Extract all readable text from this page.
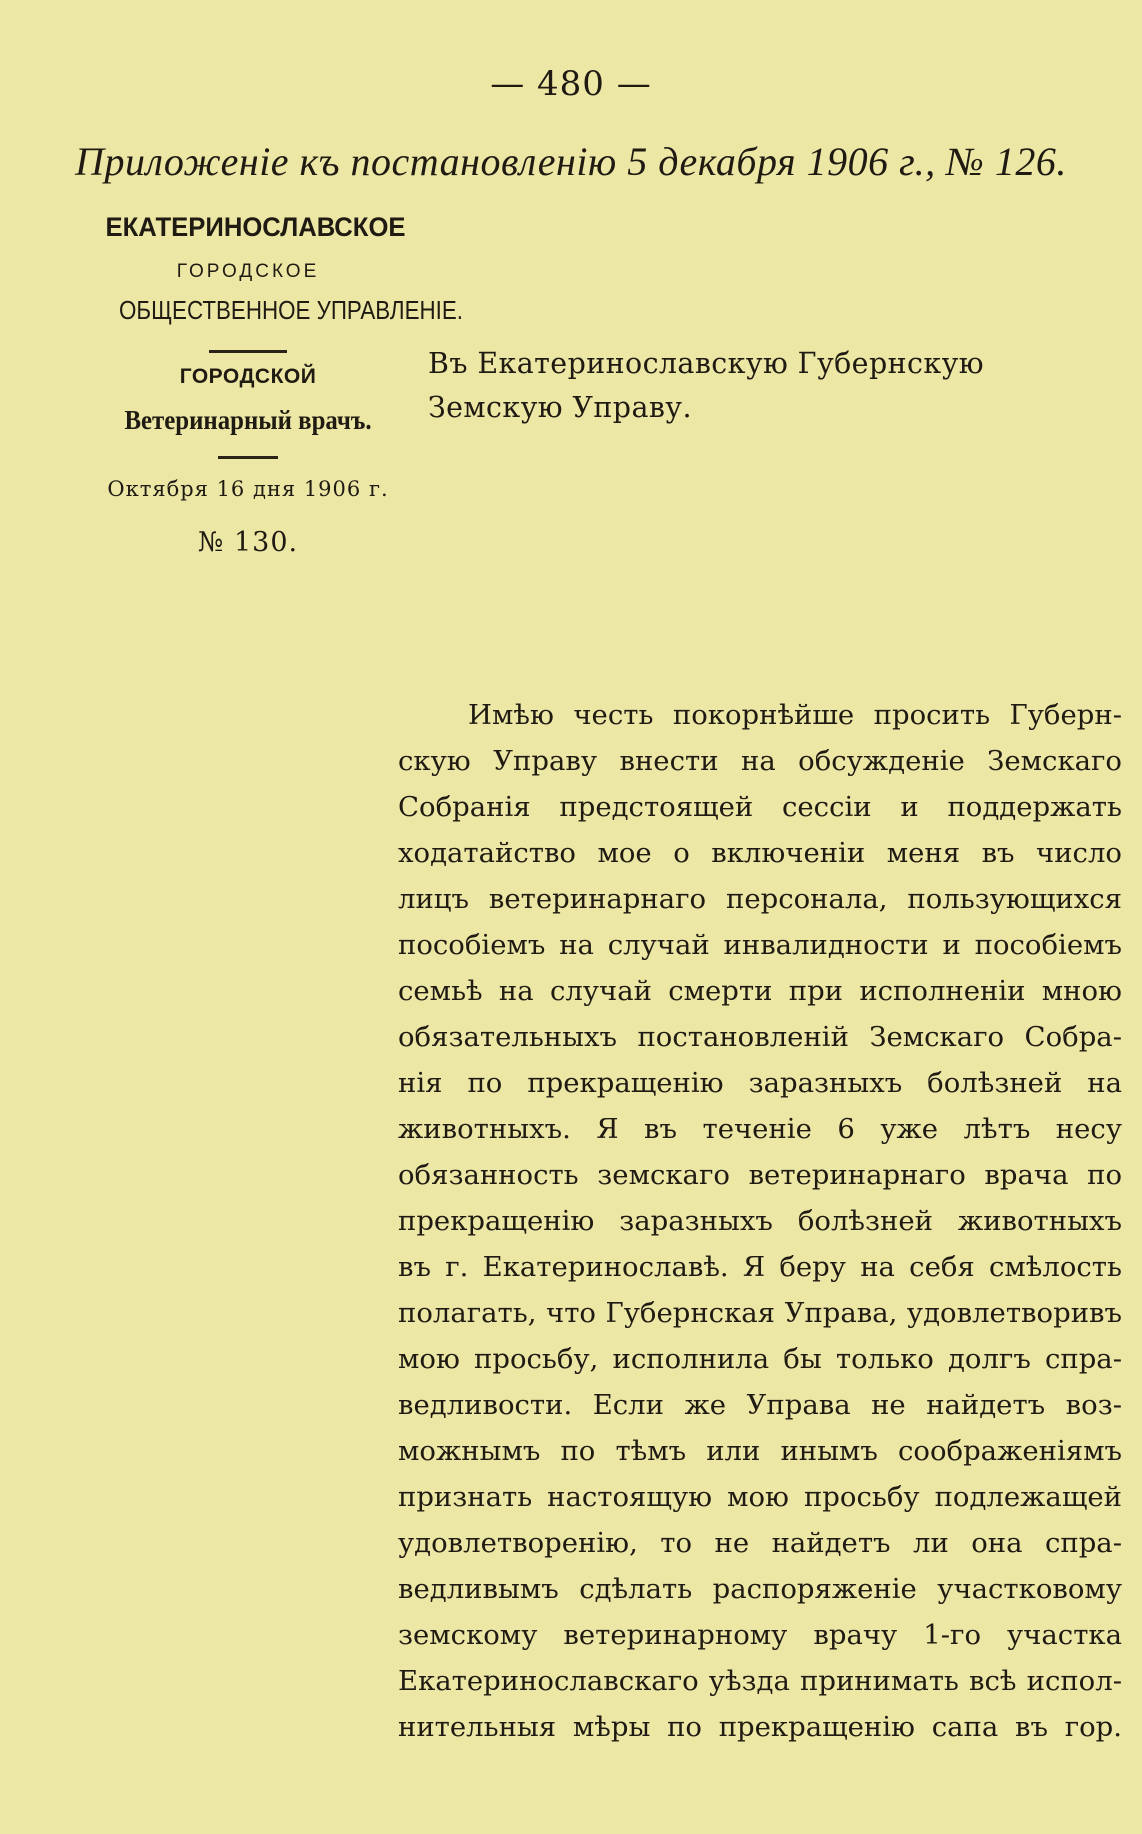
— 480 —
Приложеніе къ постановленію 5 декабря 1906 г., № 126.
ЕКАТЕРИНОСЛАВСКОЕ
ГОРОДСКОЕ
ОБЩЕСТВЕННОЕ УПРАВЛЕНІЕ.
ГОРОДСКОЙ
Ветеринарный врачъ.
Октября 16 дня 1906 г.
№ 130.
Въ Екатеринославскую Губернскую
Земскую Управу.
Имѣю честь покорнѣйше просить Губерн-
скую Управу внести на обсужденіе Земскаго
Собранія предстоящей сессіи и поддержать
ходатайство мое о включеніи меня въ число
лицъ ветеринарнаго персонала, пользующихся
пособіемъ на случай инвалидности и пособіемъ
семьѣ на случай смерти при исполненіи мною
обязательныхъ постановленій Земскаго Собра-
нія по прекращенію заразныхъ болѣзней на
животныхъ. Я въ теченіе 6 уже лѣтъ несу
обязанность земскаго ветеринарнаго врача по
прекращенію заразныхъ болѣзней животныхъ
въ г. Екатеринославѣ. Я беру на себя смѣлость
полагать, что Губернская Управа, удовлетворивъ
мою просьбу, исполнила бы только долгъ спра-
ведливости. Если же Управа не найдетъ воз-
можнымъ по тѣмъ или инымъ соображеніямъ
признать настоящую мою просьбу подлежащей
удовлетворенію, то не найдетъ ли она спра-
ведливымъ сдѣлать распоряженіе участковому
земскому ветеринарному врачу 1-го участка
Екатеринославскаго уѣзда принимать всѣ испол-
нительныя мѣры по прекращенію сапа въ гор.
